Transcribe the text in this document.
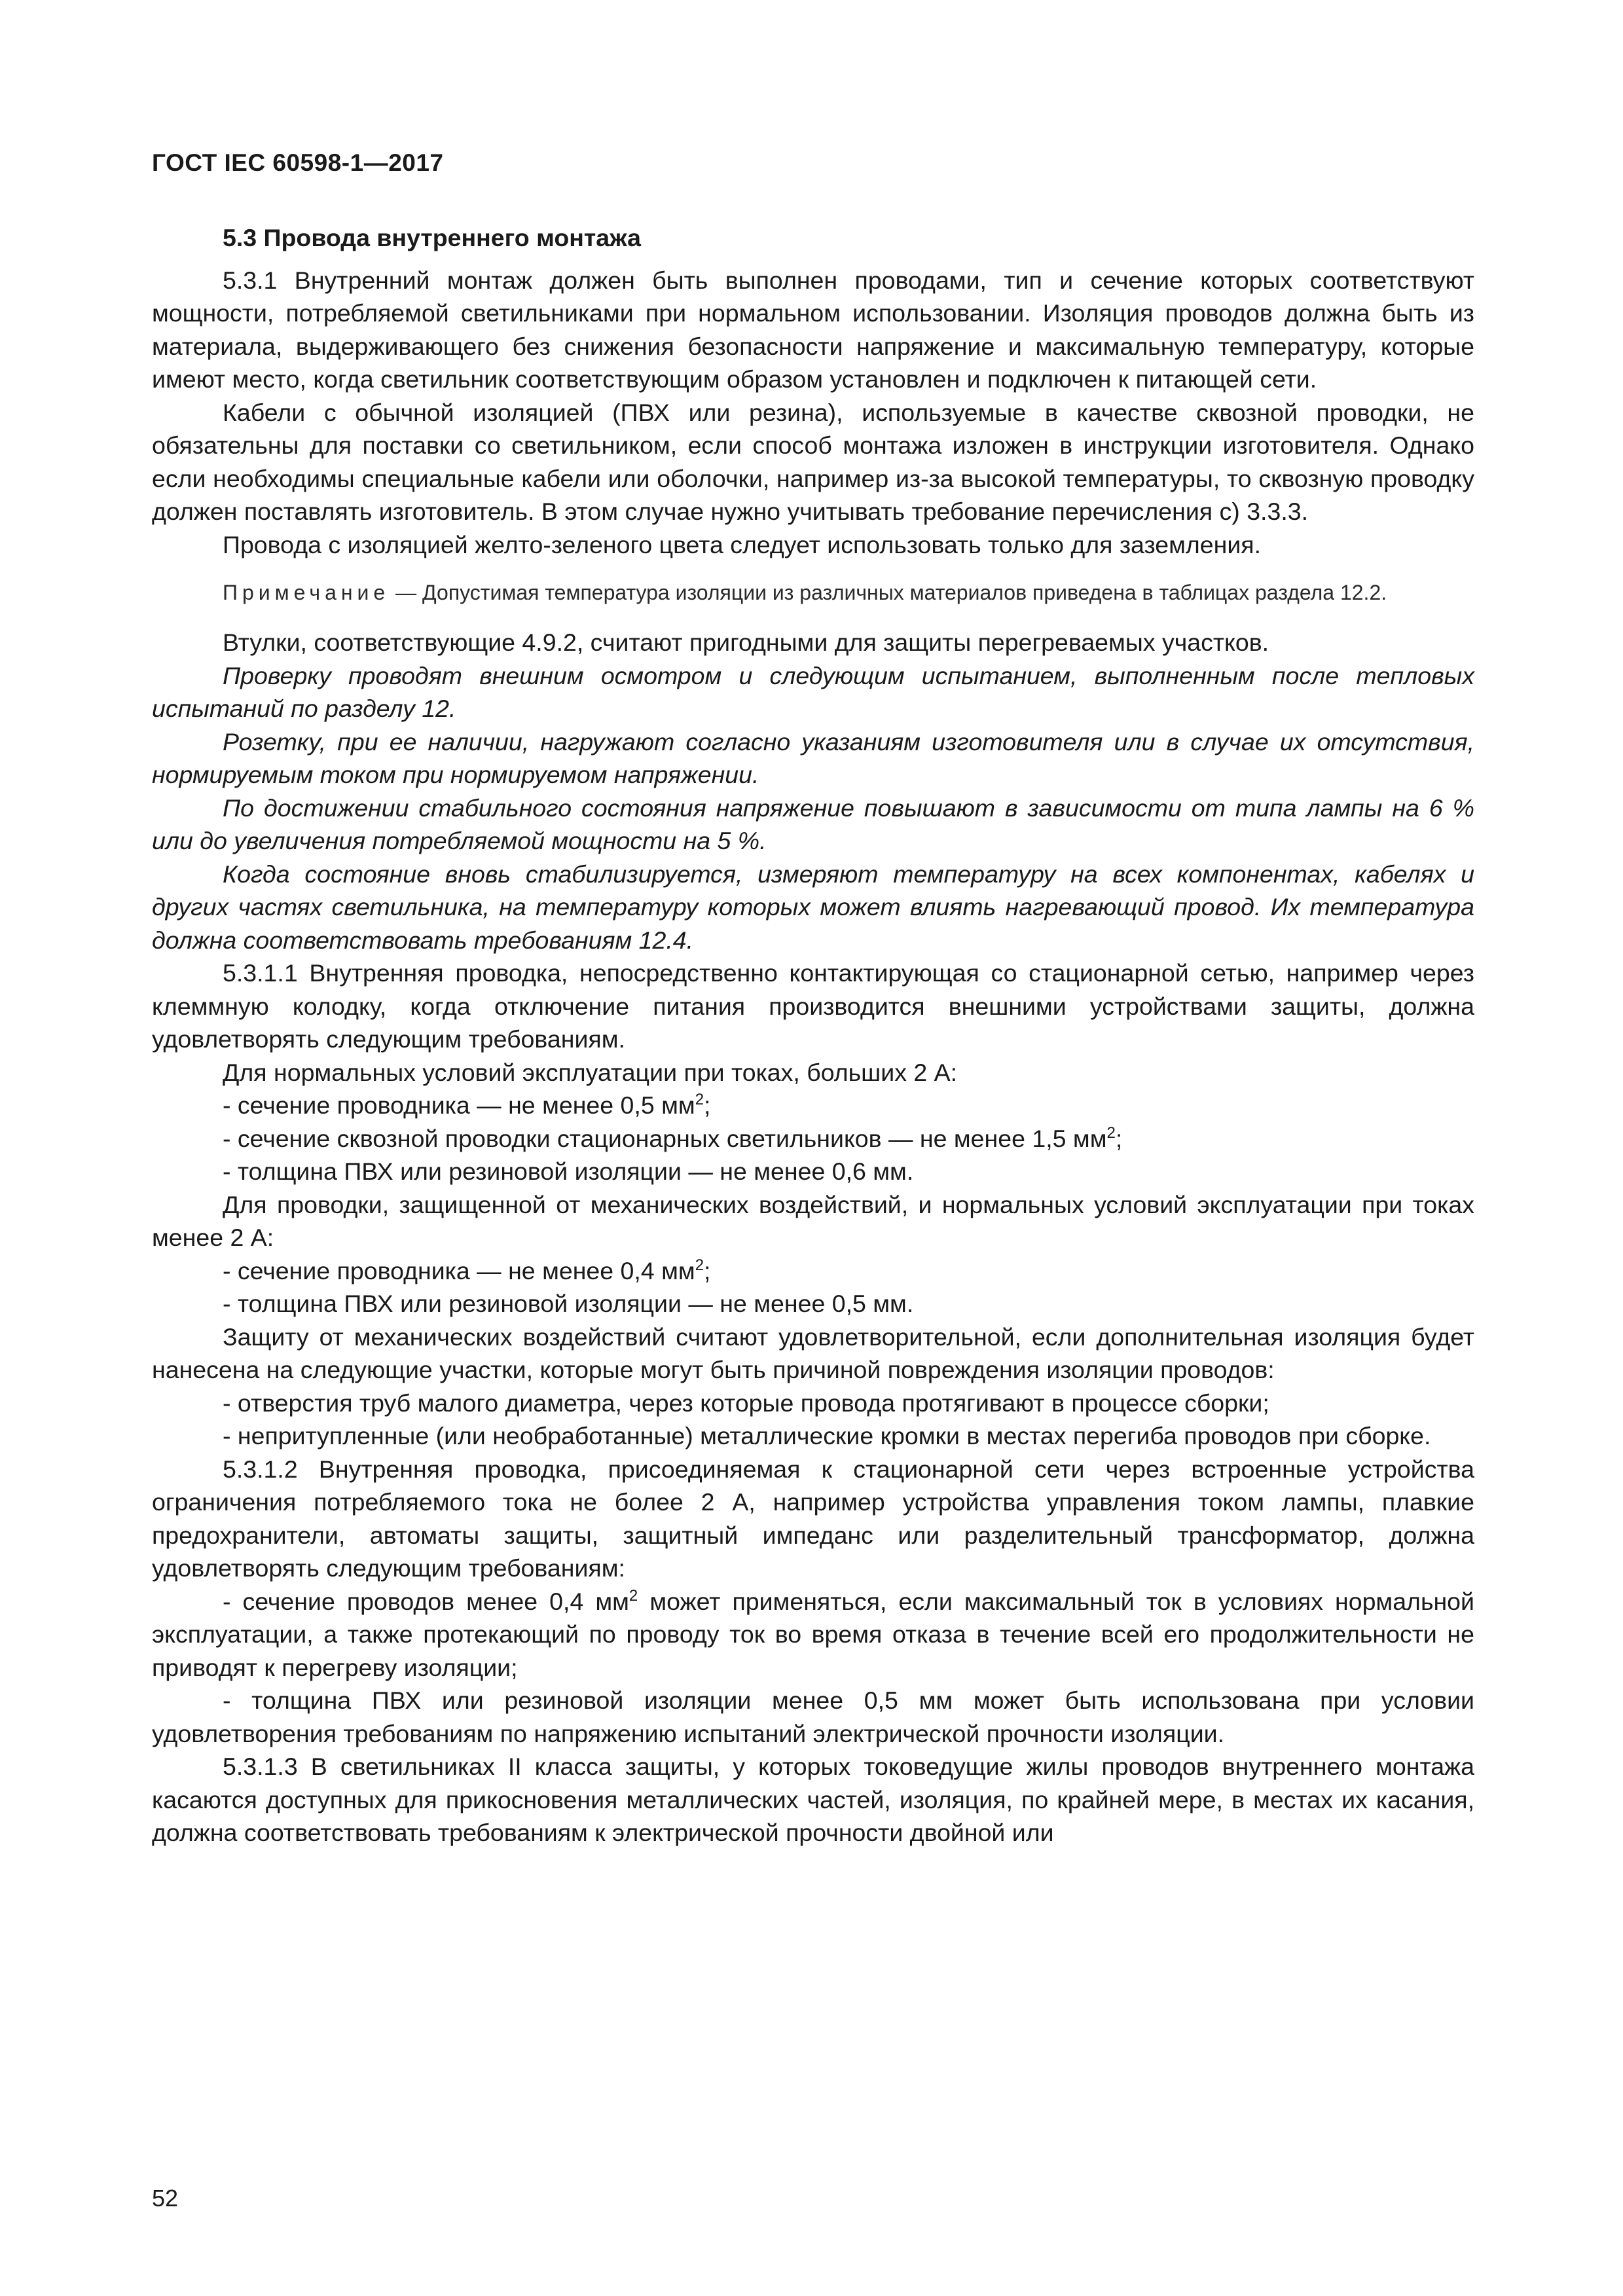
ГОСТ IEC 60598-1—2017

5.3 Провода внутреннего монтажа

5.3.1 Внутренний монтаж должен быть выполнен проводами, тип и сечение которых соответствуют мощности, потребляемой светильниками при нормальном использовании. Изоляция проводов должна быть из материала, выдерживающего без снижения безопасности напряжение и максимальную температуру, которые имеют место, когда светильник соответствующим образом установлен и подключен к питающей сети.

Кабели с обычной изоляцией (ПВХ или резина), используемые в качестве сквозной проводки, не обязательны для поставки со светильником, если способ монтажа изложен в инструкции изготовителя. Однако если необходимы специальные кабели или оболочки, например из-за высокой температуры, то сквозную проводку должен поставлять изготовитель. В этом случае нужно учитывать требование перечисления с) 3.3.3.

Провода с изоляцией желто-зеленого цвета следует использовать только для заземления.

Примечание — Допустимая температура изоляции из различных материалов приведена в таблицах раздела 12.2.

Втулки, соответствующие 4.9.2, считают пригодными для защиты перегреваемых участков.

Проверку проводят внешним осмотром и следующим испытанием, выполненным после тепловых испытаний по разделу 12.

Розетку, при ее наличии, нагружают согласно указаниям изготовителя или в случае их отсутствия, нормируемым током при нормируемом напряжении.

По достижении стабильного состояния напряжение повышают в зависимости от типа лампы на 6 % или до увеличения потребляемой мощности на 5 %.

Когда состояние вновь стабилизируется, измеряют температуру на всех компонентах, кабелях и других частях светильника, на температуру которых может влиять нагревающий провод. Их температура должна соответствовать требованиям 12.4.

5.3.1.1 Внутренняя проводка, непосредственно контактирующая со стационарной сетью, например через клеммную колодку, когда отключение питания производится внешними устройствами защиты, должна удовлетворять следующим требованиям.

Для нормальных условий эксплуатации при токах, больших 2 А:

- сечение проводника — не менее 0,5 $мм^2$;

- сечение сквозной проводки стационарных светильников — не менее 1,5 $мм^2$;

- толщина ПВХ или резиновой изоляции — не менее 0,6 мм.

Для проводки, защищенной от механических воздействий, и нормальных условий эксплуатации при токах менее 2 А:

- сечение проводника — не менее 0,4 $мм^2$;

- толщина ПВХ или резиновой изоляции — не менее 0,5 мм.

Защиту от механических воздействий считают удовлетворительной, если дополнительная изоляция будет нанесена на следующие участки, которые могут быть причиной повреждения изоляции проводов:

- отверстия труб малого диаметра, через которые провода протягивают в процессе сборки;

- непритупленные (или необработанные) металлические кромки в местах перегиба проводов при сборке.

5.3.1.2 Внутренняя проводка, присоединяемая к стационарной сети через встроенные устройства ограничения потребляемого тока не более 2 А, например устройства управления током лампы, плавкие предохранители, автоматы защиты, защитный импеданс или разделительный трансформатор, должна удовлетворять следующим требованиям:

- сечение проводов менее 0,4 $мм^2$ может применяться, если максимальный ток в условиях нормальной эксплуатации, а также протекающий по проводу ток во время отказа в течение всей его продолжительности не приводят к перегреву изоляции;

- толщина ПВХ или резиновой изоляции менее 0,5 мм может быть использована при условии удовлетворения требованиям по напряжению испытаний электрической прочности изоляции.

5.3.1.3 В светильниках II класса защиты, у которых токоведущие жилы проводов внутреннего монтажа касаются доступных для прикосновения металлических частей, изоляция, по крайней мере, в местах их касания, должна соответствовать требованиям к электрической прочности двойной или

52
